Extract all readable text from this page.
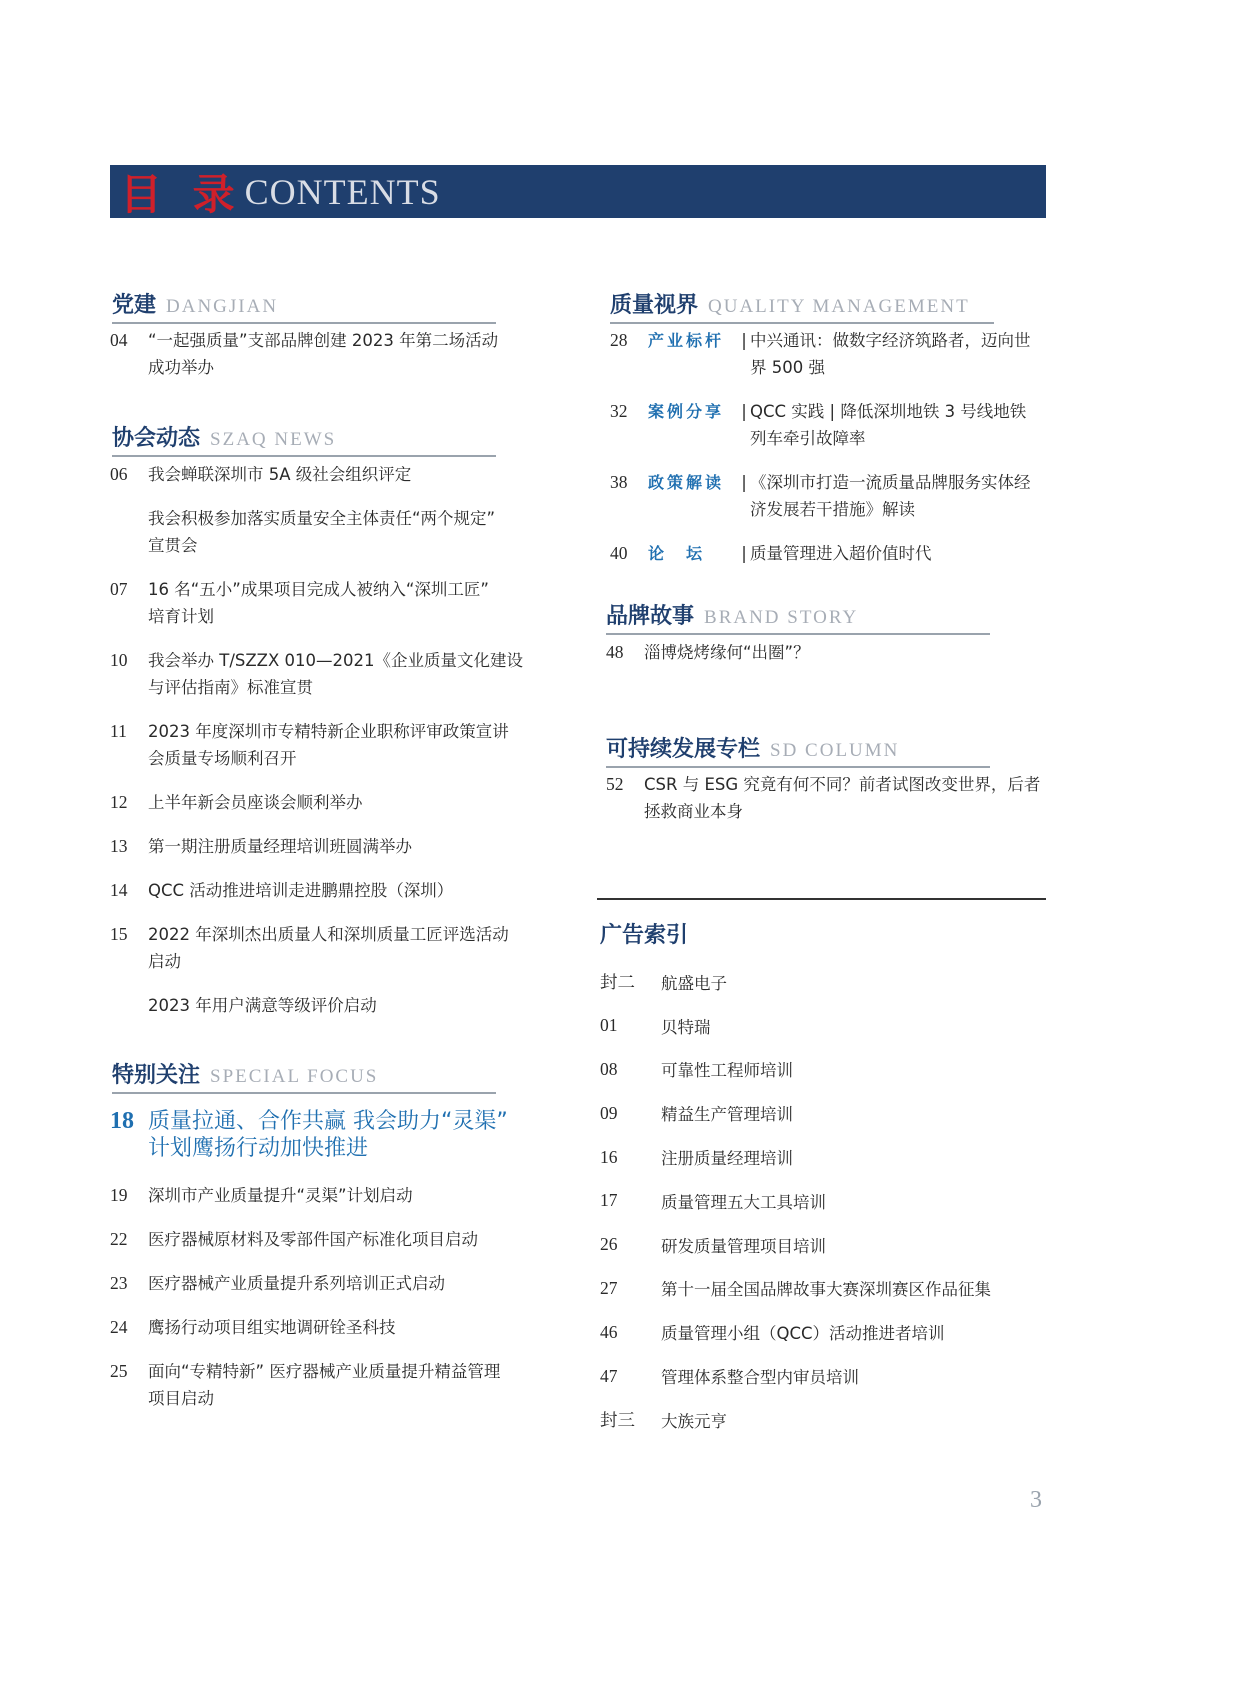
目 录 CONTENTS
党建 DANGJIAN
04	“一起强质量”支部品牌创建 2023 年第二场活动
成功举办
协会动态 SZAQ NEWS
06	我会蝉联深圳市 5A 级社会组织评定
我会积极参加落实质量安全主体责任“两个规定”
宣贯会
07	16 名“五小”成果项目完成人被纳入“深圳工匠”
培育计划
10	我会举办 T/SZZX 010—2021《企业质量文化建设
与评估指南》标准宣贯
11	2023 年度深圳市专精特新企业职称评审政策宣讲
会质量专场顺利召开
12	上半年新会员座谈会顺利举办
13	第一期注册质量经理培训班圆满举办
14	QCC 活动推进培训走进鹏鼎控股（深圳）
15	2022 年深圳杰出质量人和深圳质量工匠评选活动
启动
2023 年用户满意等级评价启动
特别关注 SPECIAL FOCUS
18 质量拉通、合作共赢 我会助力“灵渠”
计划鹰扬行动加快推进
19	深圳市产业质量提升“灵渠”计划启动
22	医疗器械原材料及零部件国产标准化项目启动
23	医疗器械产业质量提升系列培训正式启动
24	鹰扬行动项目组实地调研铨圣科技
25	面向“专精特新” 医疗器械产业质量提升精益管理
项目启动
质量视界 QUALITY MANAGEMENT
28	产业标杆	| 中兴通讯：做数字经济筑路者，迈向世
界 500 强
32	案例分享	| QCC 实践 | 降低深圳地铁 3 号线地铁
列车牵引故障率
38	政策解读	| 《深圳市打造一流质量品牌服务实体经
济发展若干措施》解读
40	论　坛	| 质量管理进入超价值时代
品牌故事 BRAND STORY
48	淄博烧烤缘何“出圈”？
可持续发展专栏 SD COLUMN
52	CSR 与 ESG 究竟有何不同？前者试图改变世界，后者
拯救商业本身
广告索引
封二	航盛电子
01	贝特瑞
08	可靠性工程师培训
09	精益生产管理培训
16	注册质量经理培训
17	质量管理五大工具培训
26	研发质量管理项目培训
27	第十一届全国品牌故事大赛深圳赛区作品征集
46	质量管理小组（QCC）活动推进者培训
47	管理体系整合型内审员培训
封三	大族元亨
3
